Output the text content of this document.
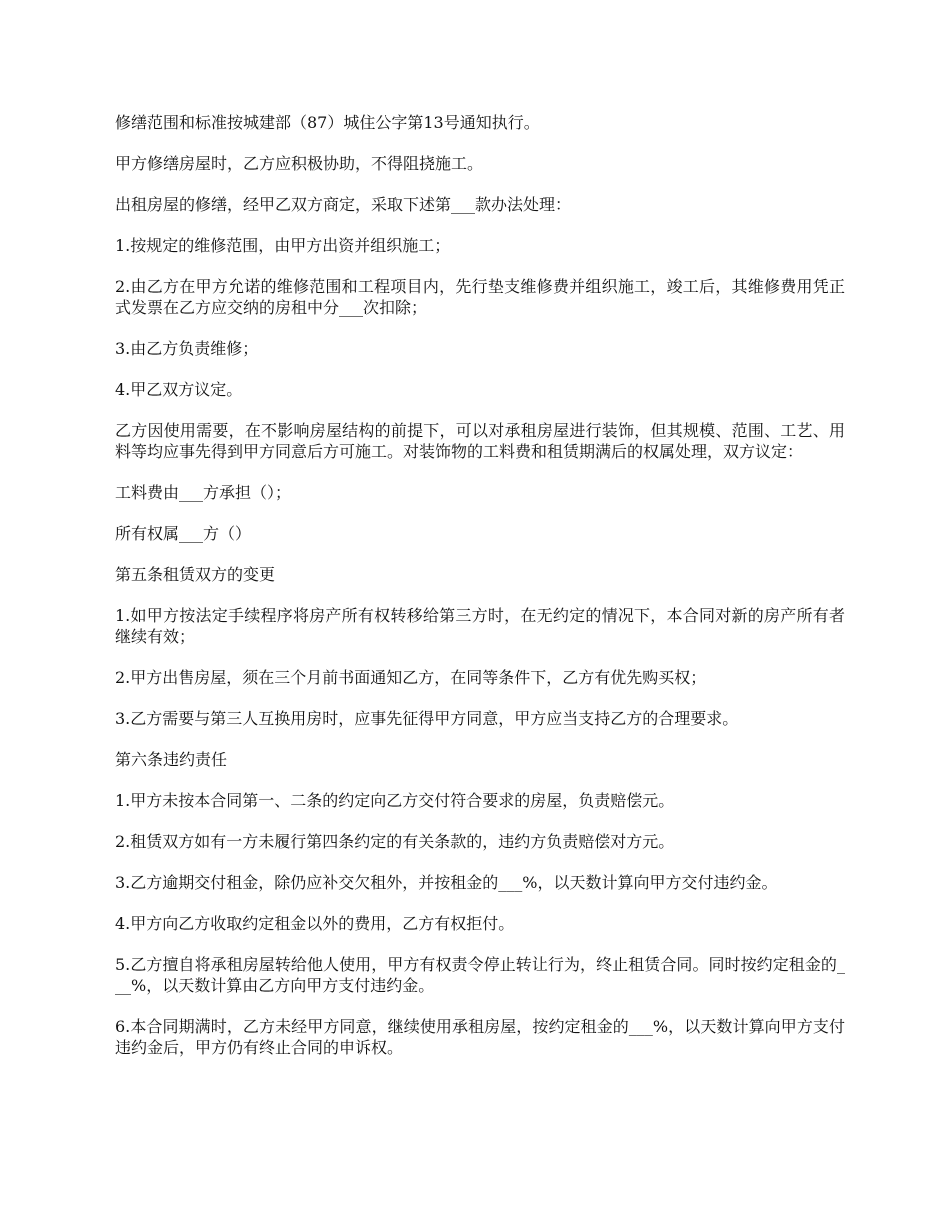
修缮范围和标准按城建部（87）城住公字第13号通知执行。

甲方修缮房屋时，乙方应积极协助，不得阻挠施工。

出租房屋的修缮，经甲乙双方商定，采取下述第___款办法处理：

1.按规定的维修范围，由甲方出资并组织施工；

2.由乙方在甲方允诺的维修范围和工程项目内，先行垫支维修费并组织施工，竣工后，其维修费用凭正式发票在乙方应交纳的房租中分___次扣除；

3.由乙方负责维修；

4.甲乙双方议定。

乙方因使用需要，在不影响房屋结构的前提下，可以对承租房屋进行装饰，但其规模、范围、工艺、用料等均应事先得到甲方同意后方可施工。对装饰物的工料费和租赁期满后的权属处理，双方议定：

工料费由___方承担（）；

所有权属___方（）

第五条租赁双方的变更

1.如甲方按法定手续程序将房产所有权转移给第三方时，在无约定的情况下，本合同对新的房产所有者继续有效；

2.甲方出售房屋，须在三个月前书面通知乙方，在同等条件下，乙方有优先购买权；

3.乙方需要与第三人互换用房时，应事先征得甲方同意，甲方应当支持乙方的合理要求。

第六条违约责任

1.甲方未按本合同第一、二条的约定向乙方交付符合要求的房屋，负责赔偿元。

2.租赁双方如有一方未履行第四条约定的有关条款的，违约方负责赔偿对方元。

3.乙方逾期交付租金，除仍应补交欠租外，并按租金的___%，以天数计算向甲方交付违约金。

4.甲方向乙方收取约定租金以外的费用，乙方有权拒付。

5.乙方擅自将承租房屋转给他人使用，甲方有权责令停止转让行为，终止租赁合同。同时按约定租金的___%，以天数计算由乙方向甲方支付违约金。

6.本合同期满时，乙方未经甲方同意，继续使用承租房屋，按约定租金的___%，以天数计算向甲方支付违约金后，甲方仍有终止合同的申诉权。
